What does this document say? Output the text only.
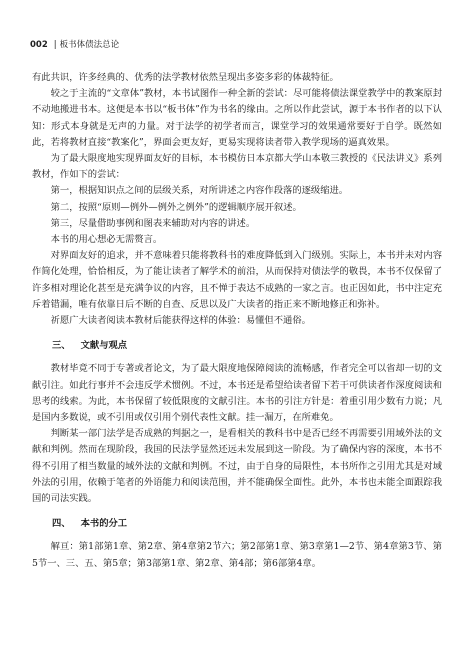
002 | 板书体债法总论

有此共识，许多经典的、优秀的法学教材依然呈现出多姿多彩的体裁特征。

较之于主流的“文章体”教材，本书试图作一种全新的尝试：尽可能将债法课堂教学中的教案原封不动地搬进书本。这便是本书以“板书体”作为书名的缘由。之所以作此尝试，源于本书作者的以下认知：形式本身就是无声的力量。对于法学的初学者而言，课堂学习的效果通常要好于自学。既然如此，若将教材直接“教案化”，界面会更友好，更易实现将读者带入教学现场的逼真效果。

为了最大限度地实现界面友好的目标，本书模仿日本京都大学山本敬三教授的《民法讲义》系列教材，作如下的尝试：

第一，根据知识点之间的层级关系，对所讲述之内容作段落的逐级缩进。

第二，按照“原则—例外—例外之例外”的逻辑顺序展开叙述。

第三，尽量借助事例和图表来辅助对内容的讲述。

本书的用心想必无需赘言。

对界面友好的追求，并不意味着只能将教科书的难度降低到入门级别。实际上，本书并未对内容作简化处理，恰恰相反，为了能让读者了解学术的前沿，从而保持对债法学的敬畏，本书不仅保留了许多相对理论化甚至是充满争议的内容，且不惮于表达不成熟的一家之言。也正因如此，书中注定充斥着错漏，唯有依靠日后不断的自查、反思以及广大读者的指正来不断地修正和弥补。

祈愿广大读者阅读本教材后能获得这样的体验：易懂但不通俗。

三、 文献与观点

教材毕竟不同于专著或者论文，为了最大限度地保障阅读的流畅感，作者完全可以省却一切的文献引注。如此行事并不会违反学术惯例。不过，本书还是希望给读者留下若干可供读者作深度阅读和思考的线索。为此，本书保留了较低限度的文献引注。本书的引注方针是：着重引用少数有力说；凡是国内多数说，或不引用或仅引用个别代表性文献。挂一漏万，在所难免。

判断某一部门法学是否成熟的判据之一，是看相关的教科书中是否已经不再需要引用域外法的文献和判例。然而在现阶段，我国的民法学显然还远未发展到这一阶段。为了确保内容的深度，本书不得不引用了相当数量的域外法的文献和判例。不过，由于自身的局限性，本书所作之引用尤其是对域外法的引用，依赖于笔者的外语能力和阅读范围，并不能确保全面性。此外，本书也未能全面跟踪我国的司法实践。

四、 本书的分工

解亘：第1部第1章、第2章、第4章第2节六；第2部第1章、第3章第1—2节、第4章第3节、第5节一、三、五、第5章；第3部第1章、第2章、第4部；第6部第4章。
